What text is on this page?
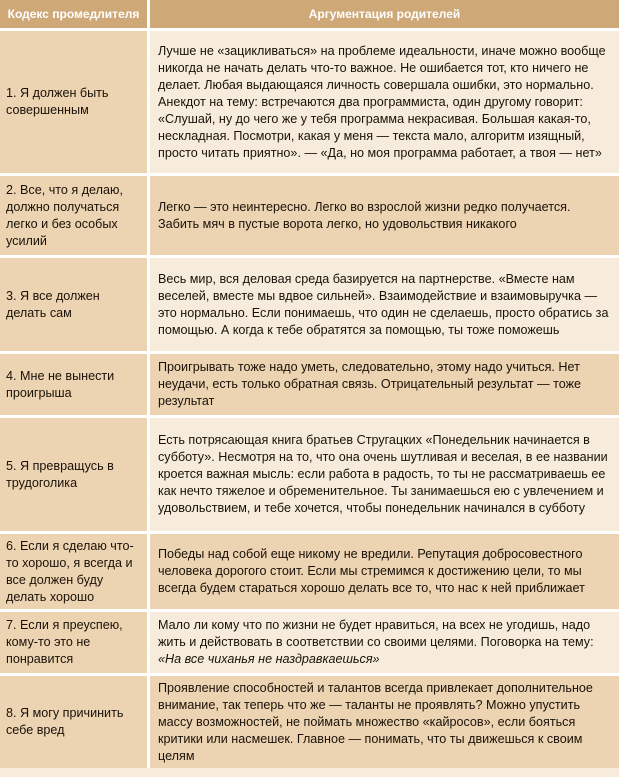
Кодекс промедлителя	Аргументация родителей
1. Я должен быть совершенным	Лучше не «зацикливаться» на проблеме идеальности, иначе можно вообще никогда не начать делать что-то важное. Не ошибается тот, кто ничего не делает. Любая выдающаяся личность совершала ошибки, это нормально. Анекдот на тему: встречаются два программиста, один другому говорит: «Слушай, ну до чего же у тебя программа некрасивая. Большая какая-то, нескладная. Посмотри, какая у меня — текста мало, алгоритм изящный, просто читать приятно». — «Да, но моя программа работает, а твоя — нет»
2. Все, что я делаю, должно получаться легко и без особых усилий	Легко — это неинтересно. Легко во взрослой жизни редко получается. Забить мяч в пустые ворота легко, но удовольствия никакого
3. Я все должен делать сам	Весь мир, вся деловая среда базируется на партнерстве. «Вместе нам веселей, вместе мы вдвое сильней». Взаимодействие и взаимовыручка — это нормально. Если понимаешь, что один не сделаешь, просто обратись за помощью. А когда к тебе обратятся за помощью, ты тоже поможешь
4. Мне не вынести проигрыша	Проигрывать тоже надо уметь, следовательно, этому надо учиться. Нет неудачи, есть только обратная связь. Отрицательный результат — тоже результат
5. Я превращусь в трудоголика	Есть потрясающая книга братьев Стругацких «Понедельник начинается в субботу». Несмотря на то, что она очень шутливая и веселая, в ее названии кроется важная мысль: если работа в радость, то ты не рассматриваешь ее как нечто тяжелое и обременительное. Ты занимаешься ею с увлечением и удовольствием, и тебе хочется, чтобы понедельник начинался в субботу
6. Если я сделаю что-то хорошо, я всегда и все должен буду делать хорошо	Победы над собой еще никому не вредили. Репутация добросовестного человека дорогого стоит. Если мы стремимся к достижению цели, то мы всегда будем стараться хорошо делать все то, что нас к ней приближает
7. Если я преуспею, кому-то это не понравится	Мало ли кому что по жизни не будет нравиться, на всех не угодишь, надо жить и действовать в соответствии со своими целями. Поговорка на тему: «На все чиханья не наздравкаешься»
8. Я могу причинить себе вред	Проявление способностей и талантов всегда привлекает дополнительное внимание, так теперь что же — таланты не проявлять? Можно упустить массу возможностей, не поймать множество «кайросов», если бояться критики или насмешек. Главное — понимать, что ты движешься к своим целям
